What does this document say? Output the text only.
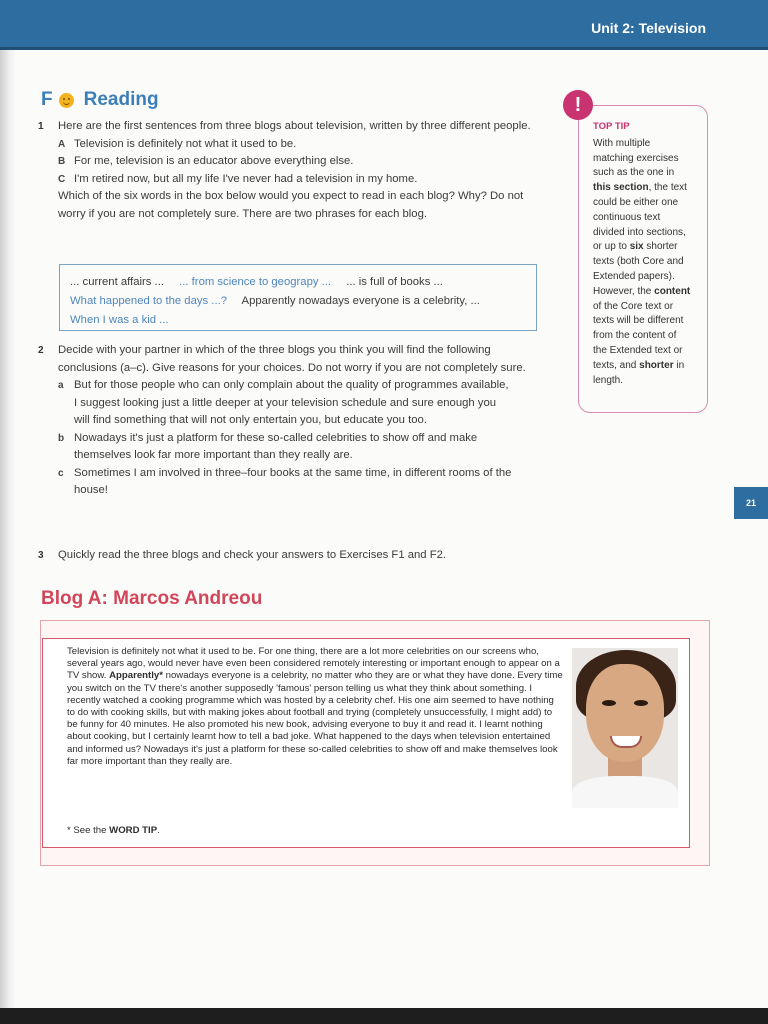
Unit 2: Television
F Reading
1 Here are the first sentences from three blogs about television, written by three different people.

A Television is definitely not what it used to be.
B For me, television is an educator above everything else.
C I'm retired now, but all my life I've never had a television in my home.

Which of the six words in the box below would you expect to read in each blog? Why? Do not worry if you are not completely sure. There are two phrases for each blog.

... current affairs ... ... from science to geograpy ... ... is full of books ...
What happened to the days ...? Apparently nowadays everyone is a celebrity, ...
When I was a kid ...
2 Decide with your partner in which of the three blogs you think you will find the following conclusions (a–c). Give reasons for your choices. Do not worry if you are not completely sure.

a But for those people who can only complain about the quality of programmes available, I suggest looking just a little deeper at your television schedule and sure enough you will find something that will not only entertain you, but educate you too.
b Nowadays it's just a platform for these so-called celebrities to show off and make themselves look far more important than they really are.
c Sometimes I am involved in three–four books at the same time, in different rooms of the house!
3 Quickly read the three blogs and check your answers to Exercises F1 and F2.

TOP TIP

With multiple matching exercises such as the one in this section, the text could be either one continuous text divided into sections, or up to six shorter texts (both Core and Extended papers). However, the content of the Core text or texts will be different from the content of the Extended text or texts, and shorter in length.

!
21
Blog A: Marcos Andreou

Television is definitely not what it used to be. For one thing, there are a lot more celebrities on our screens who, several years ago, would never have even been considered remotely interesting or important enough to appear on a TV show. Apparently* nowadays everyone is a celebrity, no matter who they are or what they have done. Every time you switch on the TV there's another supposedly 'famous' person telling us what they think about something. I recently watched a cooking programme which was hosted by a celebrity chef. His one aim seemed to have nothing to do with cooking skills, but with making jokes about football and trying (completely unsuccessfully, I might add) to be funny for 40 minutes. He also promoted his new book, advising everyone to buy it and read it. I learnt nothing about cooking, but I certainly learnt how to tell a bad joke. What happened to the days when television entertained and informed us? Nowadays it's just a platform for these so-called celebrities to show off and make themselves look far more important than they really are.

* See the WORD TIP.
